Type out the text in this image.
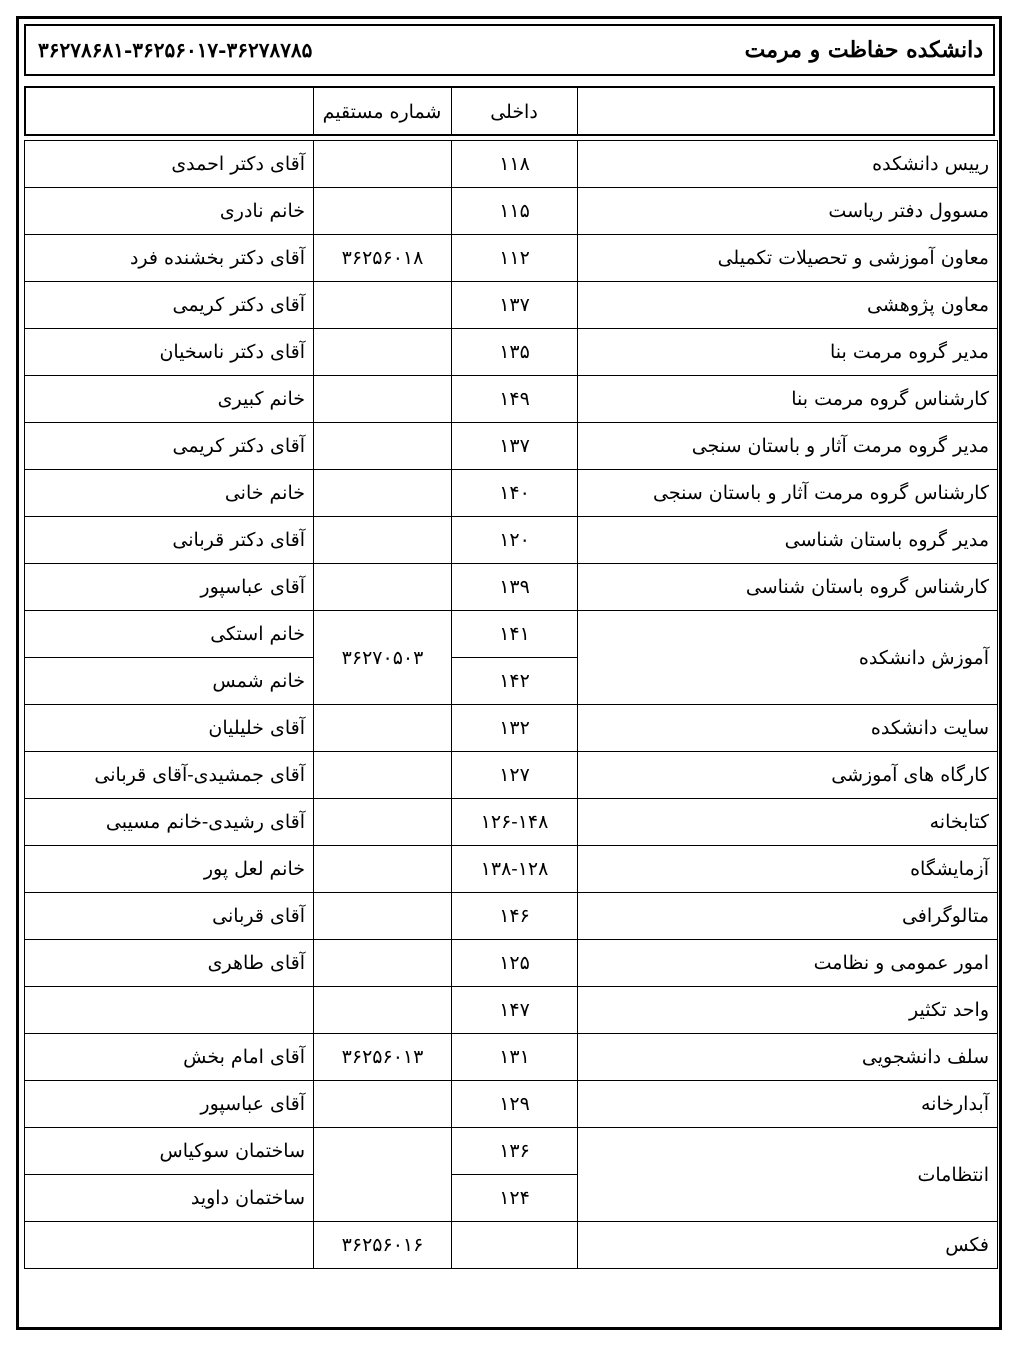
دانشکده حفاظت و مرمت
۳۶۲۷۸۶۸۱-۳۶۲۵۶۰۱۷-۳۶۲۷۸۷۸۵
	داخلی	شماره مستقیم	
رییس دانشکده	۱۱۸		آقای دکتر احمدی
مسوول دفتر ریاست	۱۱۵		خانم نادری
معاون آموزشی و تحصیلات تکمیلی	۱۱۲	۳۶۲۵۶۰۱۸	آقای دکتر بخشنده فرد
معاون پژوهشی	۱۳۷		آقای دکتر کریمی
مدیر گروه مرمت بنا	۱۳۵		آقای دکتر ناسخیان
کارشناس گروه مرمت بنا	۱۴۹		خانم کبیری
مدیر گروه مرمت آثار و باستان سنجی	۱۳۷		آقای دکتر کریمی
کارشناس گروه مرمت آثار و باستان سنجی	۱۴۰		خانم خانی
مدیر گروه باستان شناسی	۱۲۰		آقای دکتر قربانی
کارشناس گروه باستان شناسی	۱۳۹		آقای عباسپور
آموزش دانشکده	۱۴۱	۳۶۲۷۰۵۰۳	خانم استکی
	۱۴۲		خانم شمس
سایت دانشکده	۱۳۲		آقای خلیلیان
کارگاه های آموزشی	۱۲۷		آقای جمشیدی-آقای قربانی
کتابخانه	۱۲۶-۱۴۸		آقای رشیدی-خانم مسیبی
آزمایشگاه	۱۳۸-۱۲۸		خانم لعل پور
متالوگرافی	۱۴۶		آقای قربانی
امور عمومی و نظامت	۱۲۵		آقای طاهری
واحد تکثیر	۱۴۷		
سلف دانشجویی	۱۳۱	۳۶۲۵۶۰۱۳	آقای امام بخش
آبدارخانه	۱۲۹		آقای عباسپور
انتظامات	۱۳۶		ساختمان سوکیاس
	۱۲۴		ساختمان داوید
فکس		۳۶۲۵۶۰۱۶	
